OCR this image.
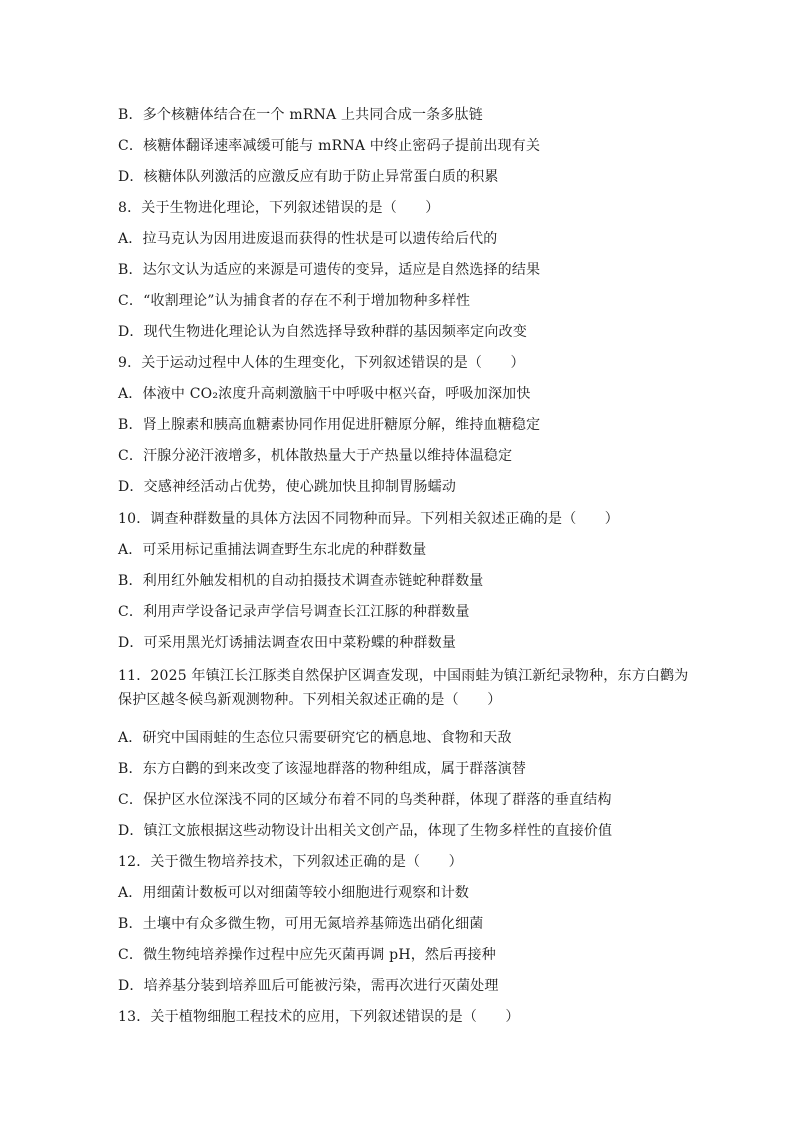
B．多个核糖体结合在一个 mRNA 上共同合成一条多肽链
C．核糖体翻译速率减缓可能与 mRNA 中终止密码子提前出现有关
D．核糖体队列激活的应激反应有助于防止异常蛋白质的积累
8．关于生物进化理论，下列叙述错误的是（　　）
A．拉马克认为因用进废退而获得的性状是可以遗传给后代的
B．达尔文认为适应的来源是可遗传的变异，适应是自然选择的结果
C．“收割理论”认为捕食者的存在不利于增加物种多样性
D．现代生物进化理论认为自然选择导致种群的基因频率定向改变
9．关于运动过程中人体的生理变化，下列叙述错误的是（　　）
A．体液中 CO₂浓度升高刺激脑干中呼吸中枢兴奋，呼吸加深加快
B．肾上腺素和胰高血糖素协同作用促进肝糖原分解，维持血糖稳定
C．汗腺分泌汗液增多，机体散热量大于产热量以维持体温稳定
D．交感神经活动占优势，使心跳加快且抑制胃肠蠕动
10．调查种群数量的具体方法因不同物种而异。下列相关叙述正确的是（　　）
A．可采用标记重捕法调查野生东北虎的种群数量
B．利用红外触发相机的自动拍摄技术调查赤链蛇种群数量
C．利用声学设备记录声学信号调查长江江豚的种群数量
D．可采用黑光灯诱捕法调查农田中菜粉蝶的种群数量
11．2025 年镇江长江豚类自然保护区调查发现，中国雨蛙为镇江新纪录物种，东方白鹳为
保护区越冬候鸟新观测物种。下列相关叙述正确的是（　　）
A．研究中国雨蛙的生态位只需要研究它的栖息地、食物和天敌
B．东方白鹳的到来改变了该湿地群落的物种组成，属于群落演替
C．保护区水位深浅不同的区域分布着不同的鸟类种群，体现了群落的垂直结构
D．镇江文旅根据这些动物设计出相关文创产品，体现了生物多样性的直接价值
12．关于微生物培养技术，下列叙述正确的是（　　）
A．用细菌计数板可以对细菌等较小细胞进行观察和计数
B．土壤中有众多微生物，可用无氮培养基筛选出硝化细菌
C．微生物纯培养操作过程中应先灭菌再调 pH，然后再接种
D．培养基分装到培养皿后可能被污染，需再次进行灭菌处理
13．关于植物细胞工程技术的应用，下列叙述错误的是（　　）
